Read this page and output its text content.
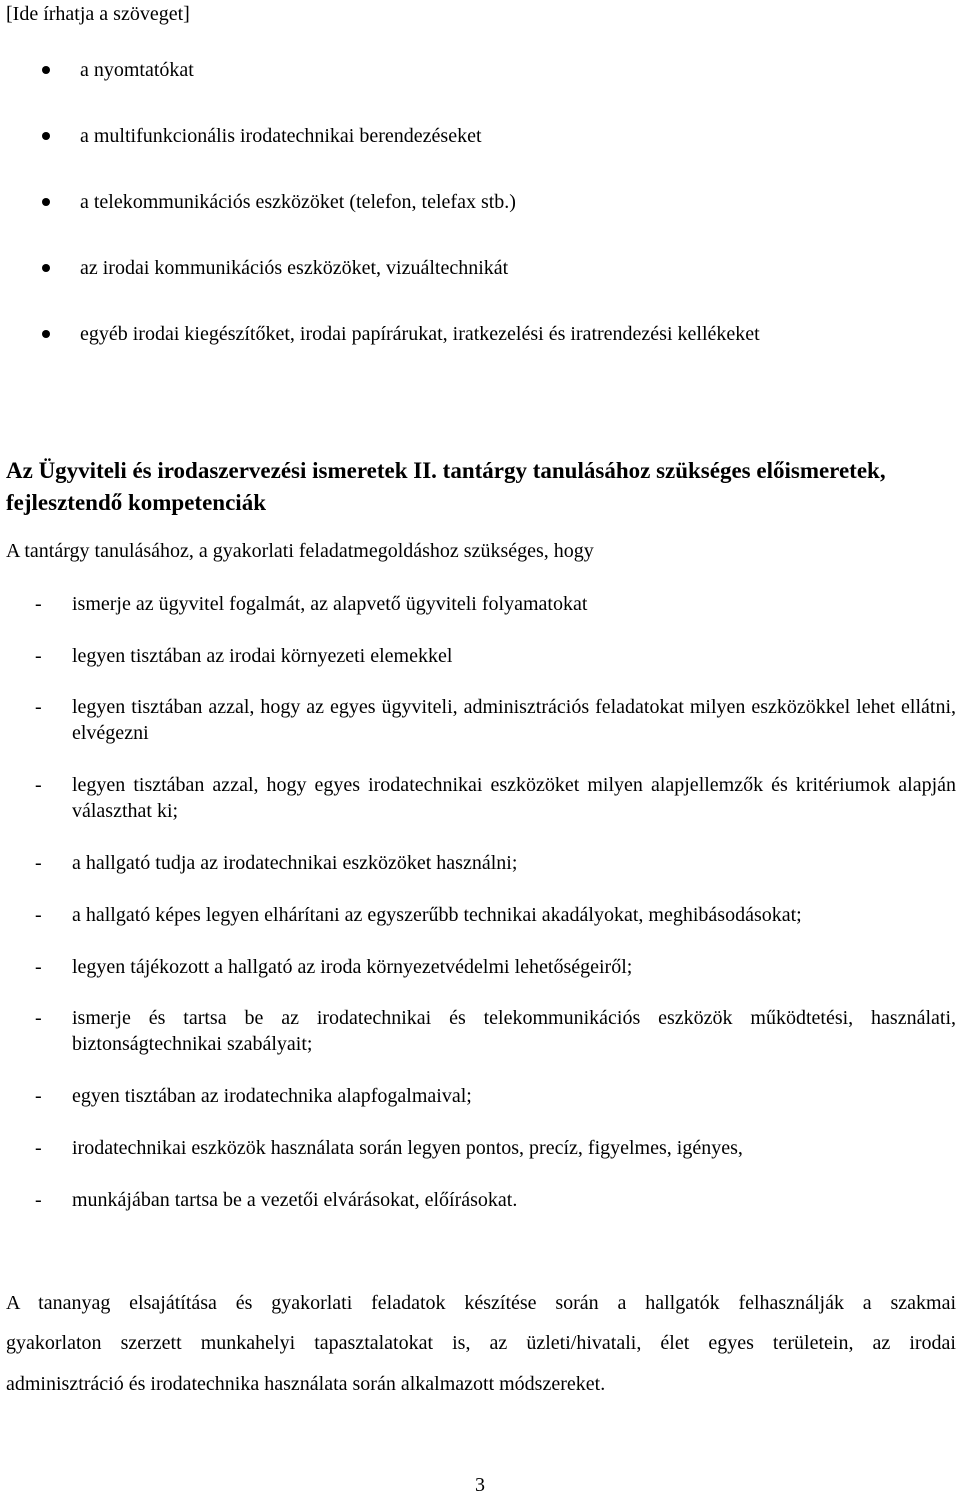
[Ide írhatja a szöveget]
a nyomtatókat
a multifunkcionális irodatechnikai berendezéseket
a telekommunikációs eszközöket (telefon, telefax stb.)
az irodai kommunikációs eszközöket, vizuáltechnikát
egyéb irodai kiegészítőket, irodai papírárukat, iratkezelési és iratrendezési kellékeket
Az Ügyviteli és irodaszervezési ismeretek II. tantárgy tanulásához szükséges előismeretek, fejlesztendő kompetenciák
A tantárgy tanulásához, a gyakorlati feladatmegoldáshoz szükséges, hogy
- ismerje az ügyvitel fogalmát, az alapvető ügyviteli folyamatokat
- legyen tisztában az irodai környezeti elemekkel
- legyen tisztában azzal, hogy az egyes ügyviteli, adminisztrációs feladatokat milyen eszközökkel lehet ellátni, elvégezni
- legyen tisztában azzal, hogy egyes irodatechnikai eszközöket milyen alapjellemzők és kritériumok alapján választhat ki;
- a hallgató tudja az irodatechnikai eszközöket használni;
- a hallgató képes legyen elhárítani az egyszerűbb technikai akadályokat, meghibásodásokat;
- legyen tájékozott a hallgató az iroda környezetvédelmi lehetőségeiről;
- ismerje és tartsa be az irodatechnikai és telekommunikációs eszközök működtetési, használati, biztonságtechnikai szabályait;
- egyen tisztában az irodatechnika alapfogalmaival;
- irodatechnikai eszközök használata során legyen pontos, precíz, figyelmes, igényes,
- munkájában tartsa be a vezetői elvárásokat, előírásokat.
A tananyag elsajátítása és gyakorlati feladatok készítése során a hallgatók felhasználják a szakmai
gyakorlaton szerzett munkahelyi tapasztalatokat is, az üzleti/hivatali, élet egyes területein, az irodai
adminisztráció és irodatechnika használata során alkalmazott módszereket.
3
